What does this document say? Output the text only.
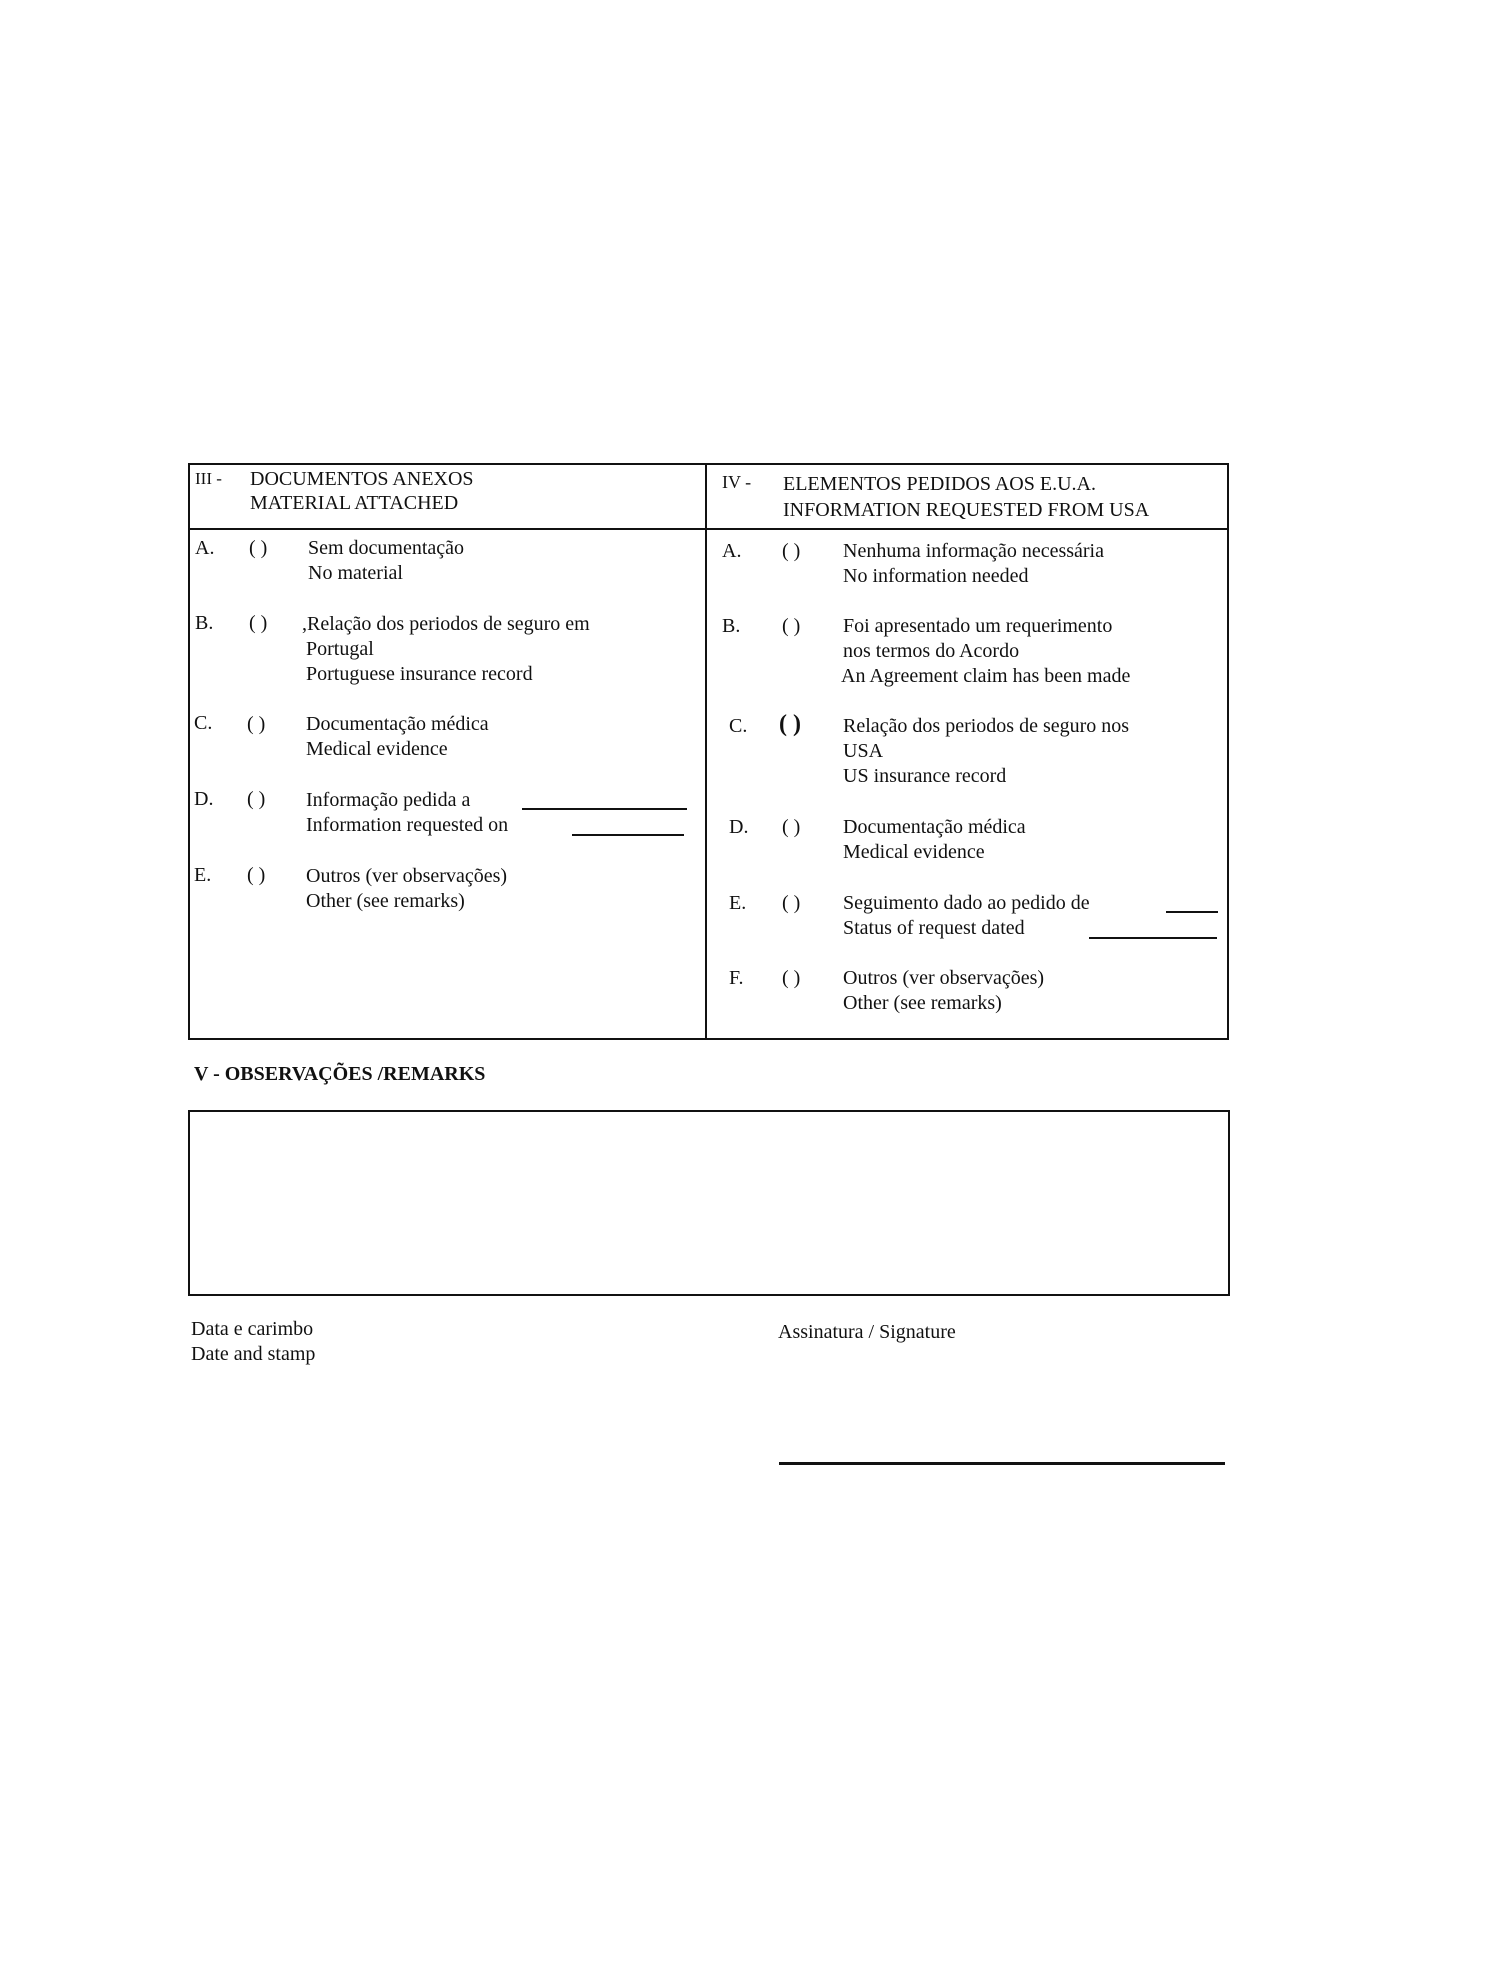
III - DOCUMENTOS ANEXOS
MATERIAL ATTACHED
A. ( ) Sem documentação
No material
B. ( ) ,Relação dos periodos de seguro em
Portugal
Portuguese insurance record
C. ( ) Documentação médica
Medical evidence
D. ( ) Informação pedida a
Information requested on
E. ( ) Outros (ver observações)
Other (see remarks)
IV - ELEMENTOS PEDIDOS AOS E.U.A.
INFORMATION REQUESTED FROM USA
A. ( ) Nenhuma informação necessária
No information needed
B. ( ) Foi apresentado um requerimento
nos termos do Acordo
An Agreement claim has been made
C. ( ) Relação dos periodos de seguro nos
USA
US insurance record
D. ( ) Documentação médica
Medical evidence
E. ( ) Seguimento dado ao pedido de
Status of request dated
F. ( ) Outros (ver observações)
Other (see remarks)
V - OBSERVAÇÕES /REMARKS
Data e carimbo
Date and stamp
Assinatura / Signature
